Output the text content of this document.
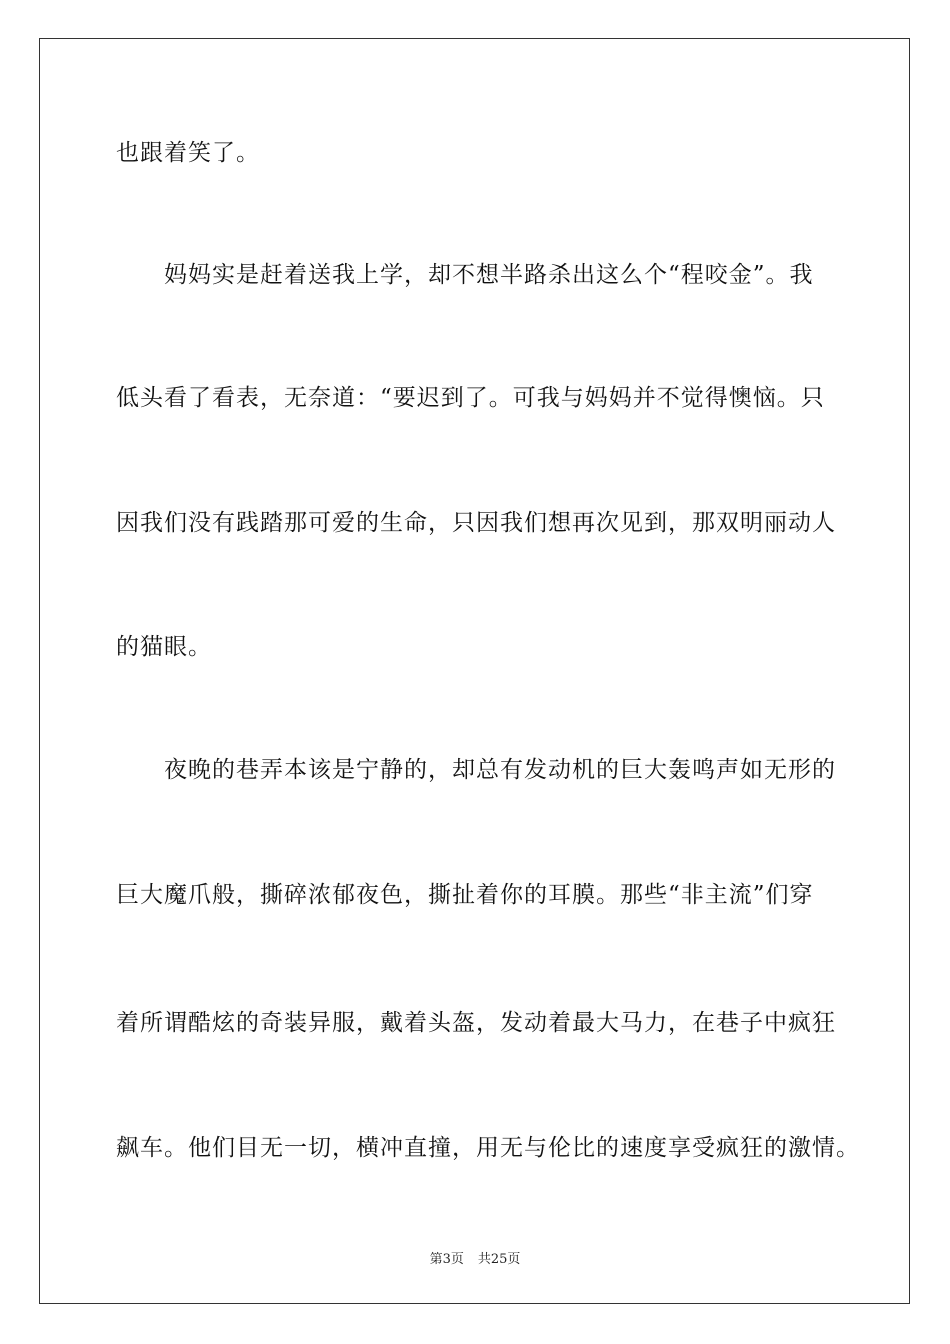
也跟着笑了。
　　妈妈实是赶着送我上学，却不想半路杀出这么个“程咬金”。我
低头看了看表，无奈道：“要迟到了。可我与妈妈并不觉得懊恼。只
因我们没有践踏那可爱的生命，只因我们想再次见到，那双明丽动人
的猫眼。
　　夜晚的巷弄本该是宁静的，却总有发动机的巨大轰鸣声如无形的
巨大魔爪般，撕碎浓郁夜色，撕扯着你的耳膜。那些“非主流”们穿
着所谓酷炫的奇装异服，戴着头盔，发动着最大马力，在巷子中疯狂
飙车。他们目无一切，横冲直撞，用无与伦比的速度享受疯狂的激情。
第3页 共25页
